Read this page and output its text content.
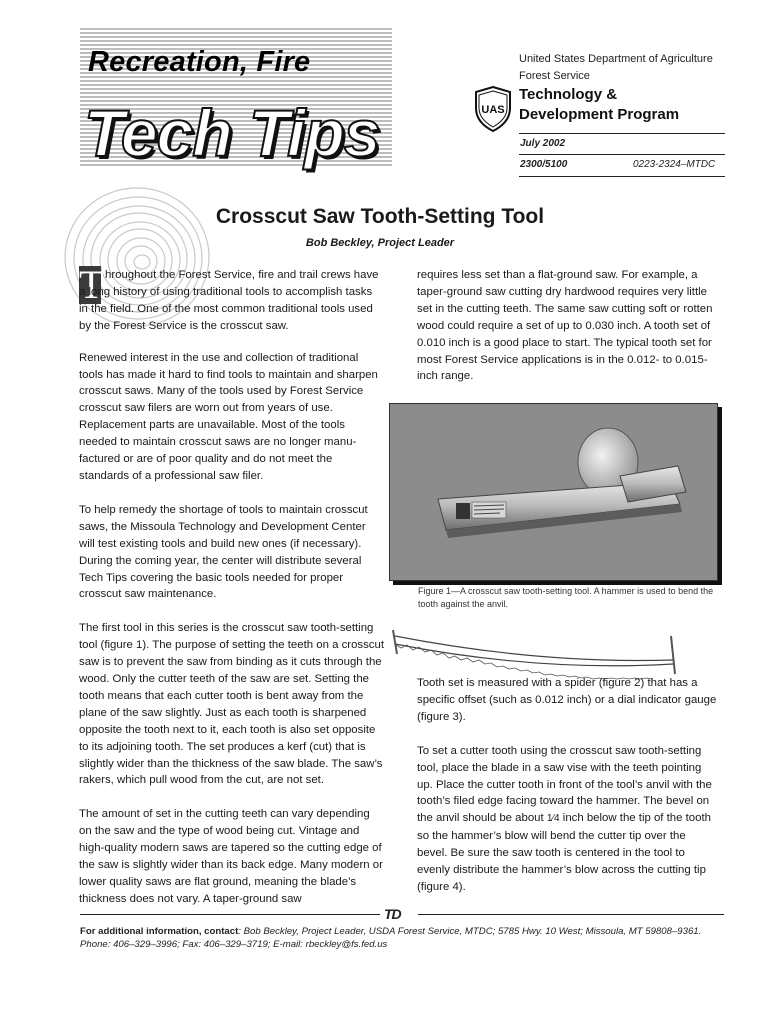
Recreation, Fire
Tech Tips
United States Department of Agriculture
Forest Service
UAS
Technology &
Development Program
July 2002
2300/5100	0223-2324–MTDC
Crosscut Saw Tooth-Setting Tool
Bob Beckley, Project Leader
T hroughout the Forest Service, fire and trail crews have a long history of using traditional tools to accomplish tasks in the field. One of the most common traditional tools used by the Forest Service is the crosscut saw.

Renewed interest in the use and collection of traditional tools has made it hard to find tools to maintain and sharpen crosscut saws. Many of the tools used by Forest Service crosscut saw filers are worn out from years of use. Replacement parts are unavailable. Most of the tools needed to maintain crosscut saws are no longer manu-factured or are of poor quality and do not meet the standards of a professional saw filer.

To help remedy the shortage of tools to maintain crosscut saws, the Missoula Technology and Development Center will test existing tools and build new ones (if necessary). During the coming year, the center will distribute several Tech Tips covering the basic tools needed for proper crosscut saw maintenance.

The first tool in this series is the crosscut saw tooth-setting tool (figure 1). The purpose of setting the teeth on a crosscut saw is to prevent the saw from binding as it cuts through the wood. Only the cutter teeth of the saw are set. Setting the tooth means that each cutter tooth is bent away from the plane of the saw slightly. Just as each tooth is sharpened opposite the tooth next to it, each tooth is also set opposite to its adjoining tooth. The set produces a kerf (cut) that is slightly wider than the thickness of the saw blade. The saw’s rakers, which pull wood from the cut, are not set.

The amount of set in the cutting teeth can vary depending on the saw and the type of wood being cut. Vintage and high-quality modern saws are tapered so the cutting edge of the saw is slightly wider than its back edge. Many modern or lower quality saws are flat ground, meaning the blade’s thickness does not vary. A taper-ground saw

requires less set than a flat-ground saw. For example, a taper-ground saw cutting dry hardwood requires very little set in the cutting teeth. The same saw cutting soft or rotten wood could require a set of up to 0.030 inch. A tooth set of 0.010 inch is a good place to start. The typical tooth set for most Forest Service applications is in the 0.012- to 0.015-inch range.

Figure 1—A crosscut saw tooth-setting tool. A hammer is used to bend the tooth against the anvil.

Tooth set is measured with a spider (figure 2) that has a specific offset (such as 0.012 inch) or a dial indicator gauge (figure 3).

To set a cutter tooth using the crosscut saw tooth-setting tool, place the blade in a saw vise with the teeth pointing up. Place the cutter tooth in front of the tool’s anvil with the tooth’s filed edge facing toward the hammer. The bevel on the anvil should be about 1⁄4 inch below the tip of the tooth so the hammer’s blow will bend the cutter tip over the bevel. Be sure the saw tooth is centered in the tool to evenly distribute the hammer’s blow across the cutting tip (figure 4).

TD
For additional information, contact: Bob Beckley, Project Leader, USDA Forest Service, MTDC; 5785 Hwy. 10 West; Missoula, MT 59808–9361. Phone: 406–329–3996; Fax: 406–329–3719; E-mail: rbeckley@fs.fed.us
